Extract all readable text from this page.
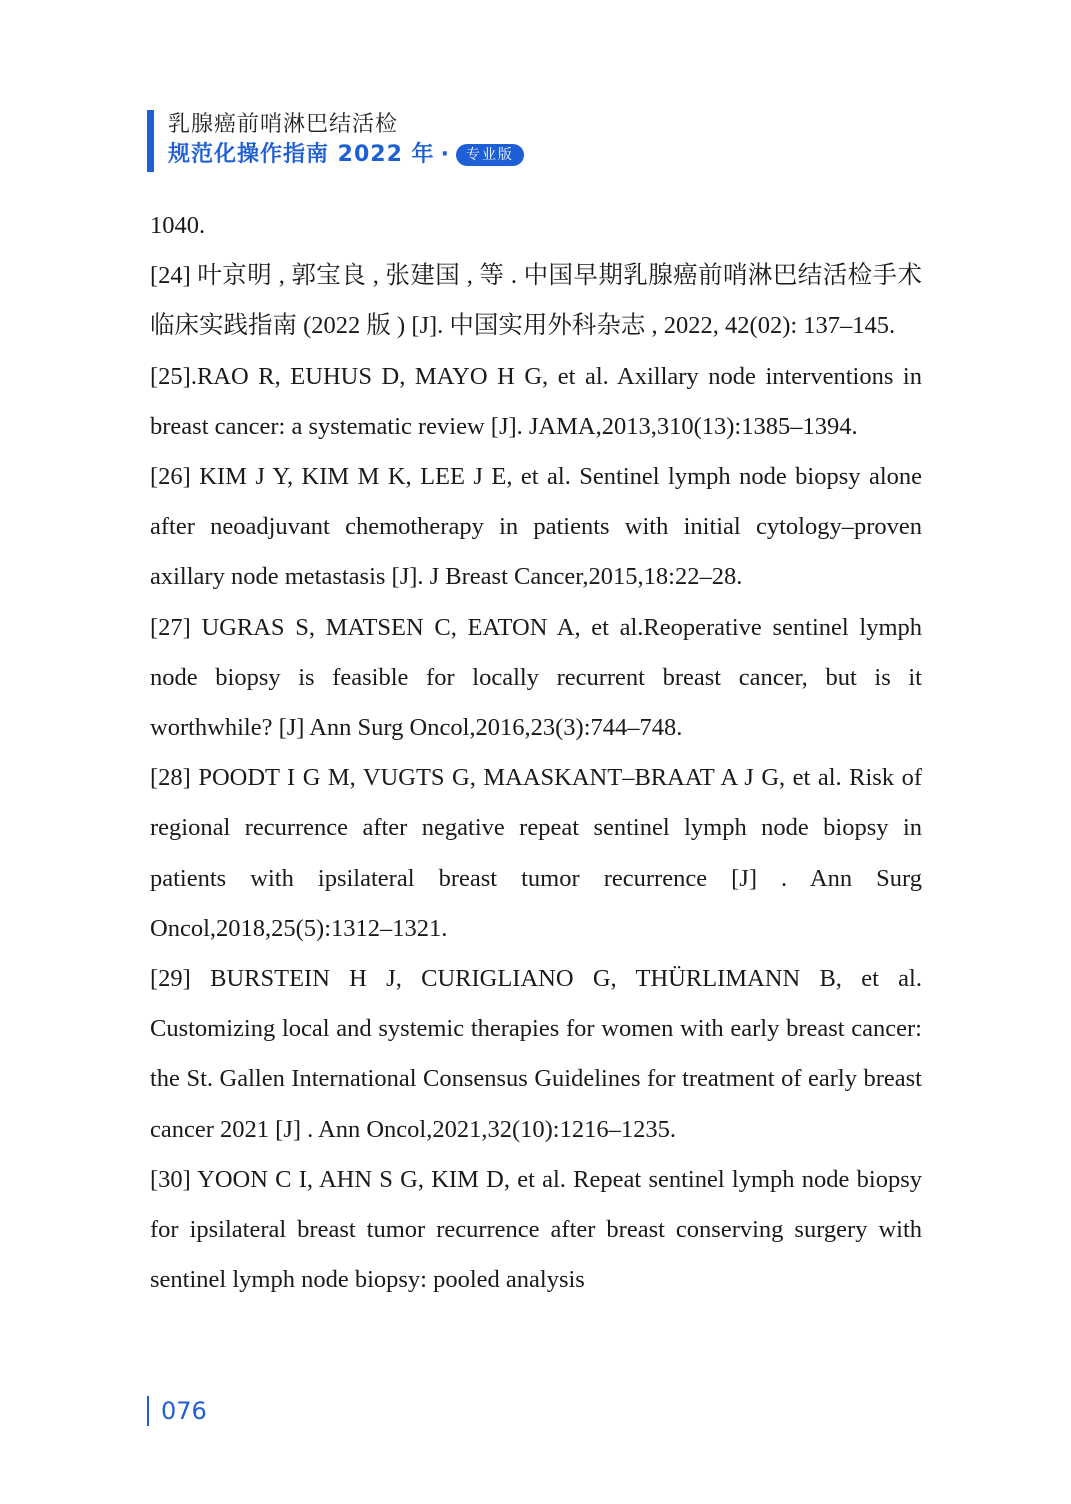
乳腺癌前哨淋巴结活检
规范化操作指南 2022 年 ·	专业版

1040.

[24] 叶京明 , 郭宝良 , 张建国 , 等 . 中国早期乳腺癌前哨淋巴结活检手术临床实践指南 (2022 版 ) [J]. 中国实用外科杂志 , 2022, 42(02): 137–145.

[25].RAO R, EUHUS D, MAYO H G, et al. Axillary node interventions in breast cancer: a systematic review [J]. JAMA,2013,310(13):1385–1394.

[26] KIM J Y, KIM M K, LEE J E, et al. Sentinel lymph node biopsy alone after neoadjuvant chemotherapy in patients with initial cytology–proven axillary node metastasis [J]. J Breast Cancer,2015,18:22–28.

[27] UGRAS S, MATSEN C, EATON A, et al.Reoperative sentinel lymph node biopsy is feasible for locally recurrent breast cancer, but is it worthwhile? [J] Ann Surg Oncol,2016,23(3):744–748.

[28] POODT I G M, VUGTS G, MAASKANT–BRAAT A J G, et al. Risk of regional recurrence after negative repeat sentinel lymph node biopsy in patients with ipsilateral breast tumor recurrence [J] . Ann Surg Oncol,2018,25(5):1312–1321.

[29] BURSTEIN H J, CURIGLIANO G, THÜRLIMANN B, et al. Customizing local and systemic therapies for women with early breast cancer: the St. Gallen International Consensus Guidelines for treatment of early breast cancer 2021 [J] . Ann Oncol,2021,32(10):1216–1235.

[30] YOON C I, AHN S G, KIM D, et al. Repeat sentinel lymph node biopsy for ipsilateral breast tumor recurrence after breast conserving surgery with sentinel lymph node biopsy: pooled analysis

076
